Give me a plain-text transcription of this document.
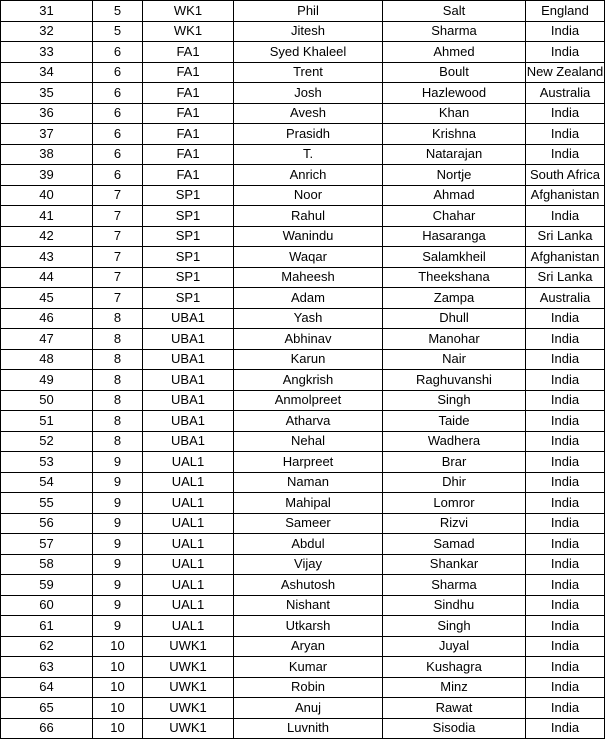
31	5	WK1	Phil	Salt	England
32	5	WK1	Jitesh	Sharma	India
33	6	FA1	Syed Khaleel	Ahmed	India
34	6	FA1	Trent	Boult	New Zealand
35	6	FA1	Josh	Hazlewood	Australia
36	6	FA1	Avesh	Khan	India
37	6	FA1	Prasidh	Krishna	India
38	6	FA1	T.	Natarajan	India
39	6	FA1	Anrich	Nortje	South Africa
40	7	SP1	Noor	Ahmad	Afghanistan
41	7	SP1	Rahul	Chahar	India
42	7	SP1	Wanindu	Hasaranga	Sri Lanka
43	7	SP1	Waqar	Salamkheil	Afghanistan
44	7	SP1	Maheesh	Theekshana	Sri Lanka
45	7	SP1	Adam	Zampa	Australia
46	8	UBA1	Yash	Dhull	India
47	8	UBA1	Abhinav	Manohar	India
48	8	UBA1	Karun	Nair	India
49	8	UBA1	Angkrish	Raghuvanshi	India
50	8	UBA1	Anmolpreet	Singh	India
51	8	UBA1	Atharva	Taide	India
52	8	UBA1	Nehal	Wadhera	India
53	9	UAL1	Harpreet	Brar	India
54	9	UAL1	Naman	Dhir	India
55	9	UAL1	Mahipal	Lomror	India
56	9	UAL1	Sameer	Rizvi	India
57	9	UAL1	Abdul	Samad	India
58	9	UAL1	Vijay	Shankar	India
59	9	UAL1	Ashutosh	Sharma	India
60	9	UAL1	Nishant	Sindhu	India
61	9	UAL1	Utkarsh	Singh	India
62	10	UWK1	Aryan	Juyal	India
63	10	UWK1	Kumar	Kushagra	India
64	10	UWK1	Robin	Minz	India
65	10	UWK1	Anuj	Rawat	India
66	10	UWK1	Luvnith	Sisodia	India
